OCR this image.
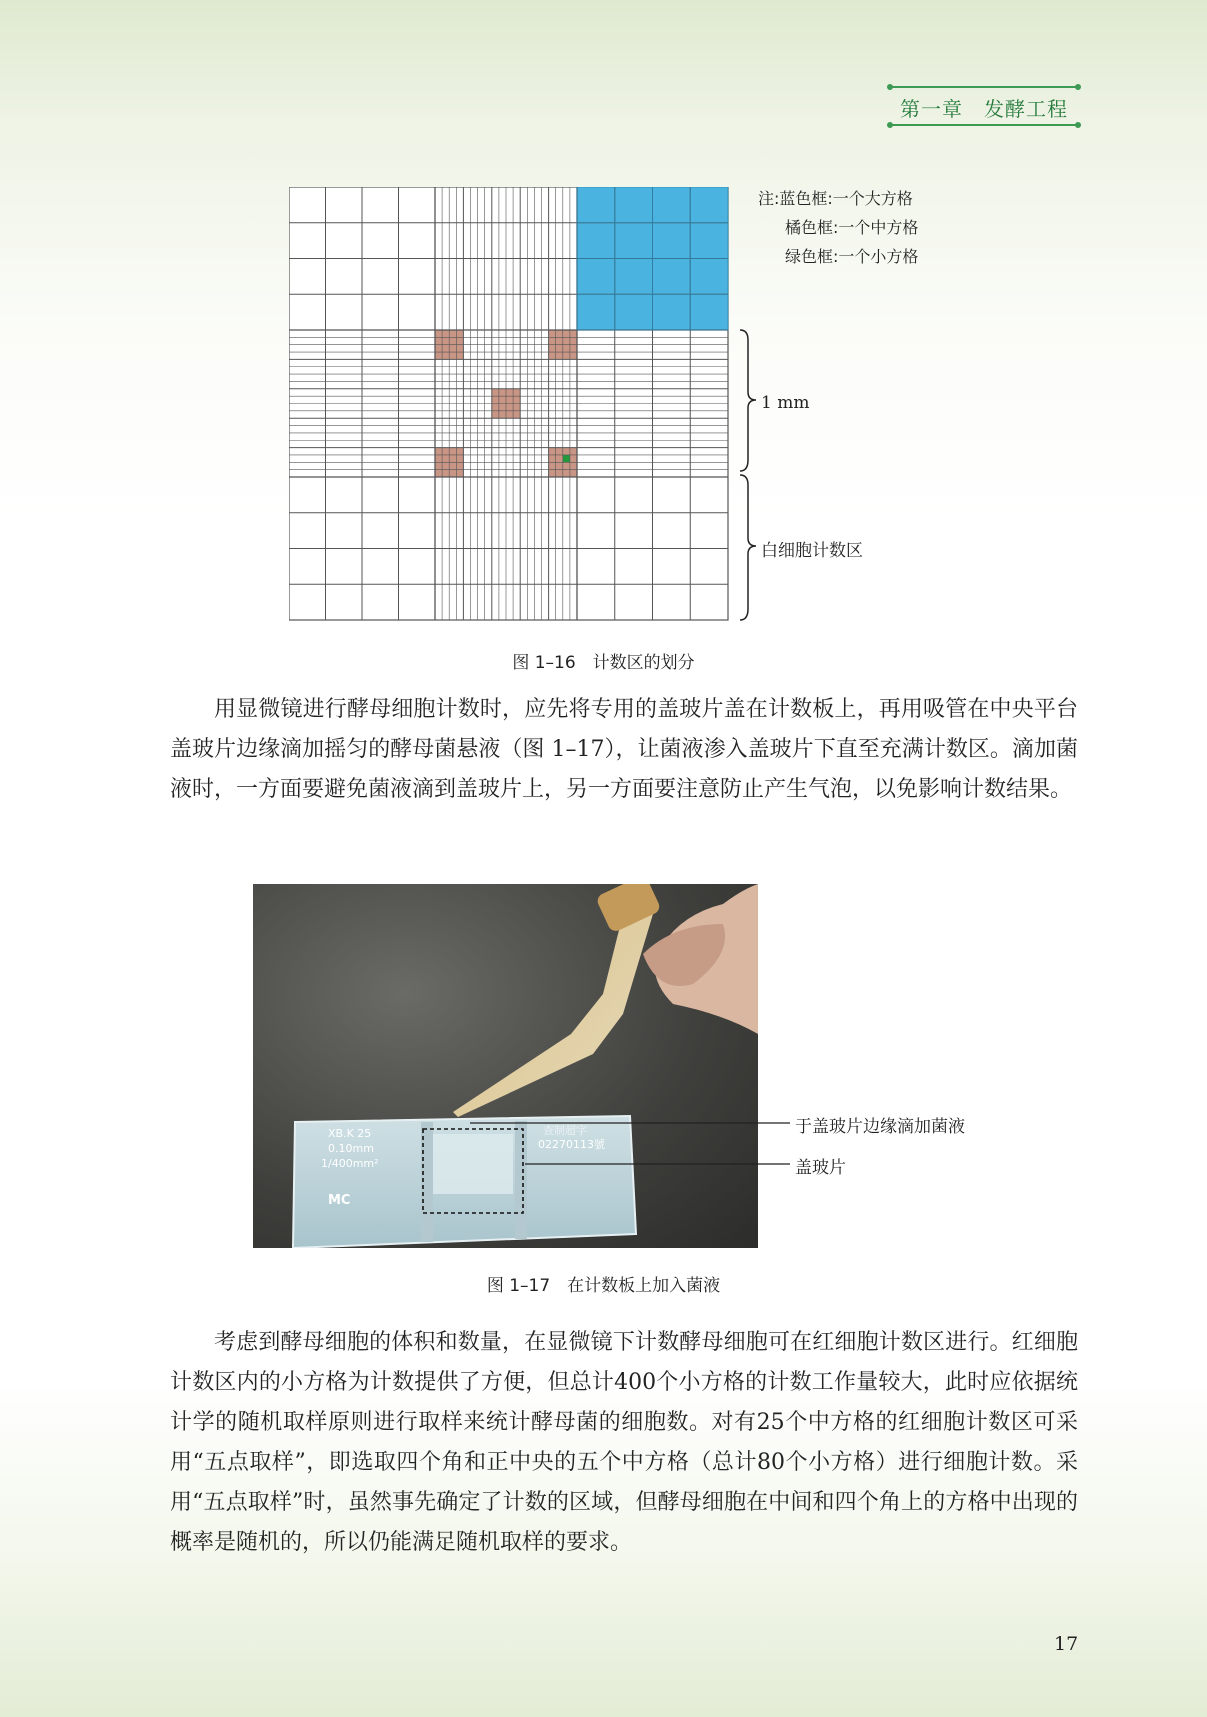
第一章　发酵工程
注:蓝色框:一个大方格
橘色框:一个中方格
绿色框:一个小方格
1 mm
白细胞计数区
图 1–16　计数区的划分

用显微镜进行酵母细胞计数时，应先将专用的盖玻片盖在计数板上，再用吸管在中央平台盖玻片边缘滴加摇匀的酵母菌悬液（图 1–17），让菌液渗入盖玻片下直至充满计数区。滴加菌液时，一方面要避免菌液滴到盖玻片上，另一方面要注意防止产生气泡，以免影响计数结果。

XB.K 25
0.10mm
1/400mm²
MC
查制超字
02270113號
于盖玻片边缘滴加菌液
盖玻片
图 1–17　在计数板上加入菌液

考虑到酵母细胞的体积和数量，在显微镜下计数酵母细胞可在红细胞计数区进行。红细胞计数区内的小方格为计数提供了方便，但总计400个小方格的计数工作量较大，此时应依据统计学的随机取样原则进行取样来统计酵母菌的细胞数。对有25个中方格的红细胞计数区可采用“五点取样”，即选取四个角和正中央的五个中方格（总计80个小方格）进行细胞计数。采用“五点取样”时，虽然事先确定了计数的区域，但酵母细胞在中间和四个角上的方格中出现的概率是随机的，所以仍能满足随机取样的要求。

17
